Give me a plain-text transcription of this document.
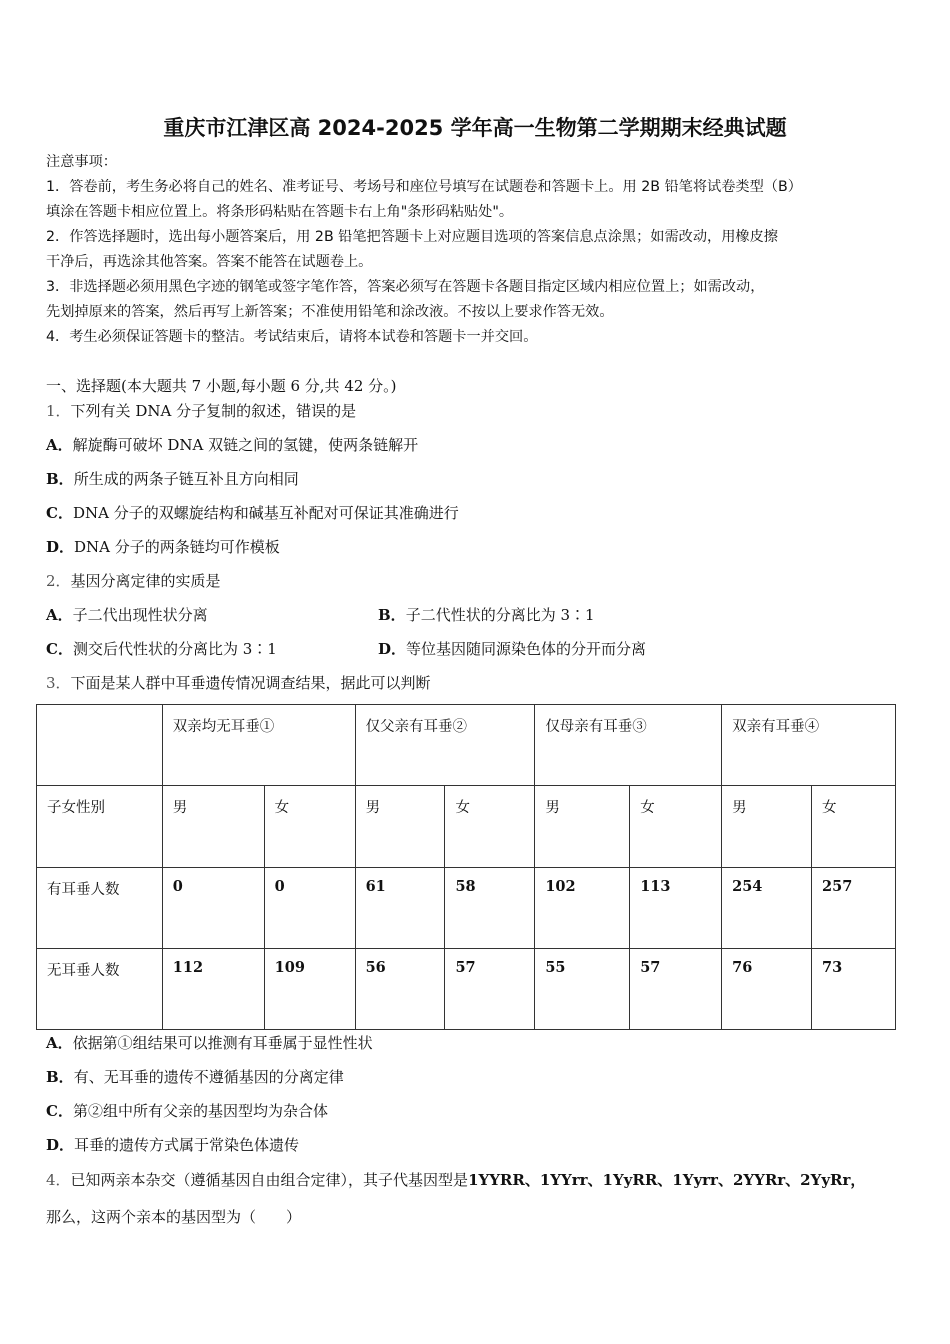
重庆市江津区高 2024-2025 学年高一生物第二学期期末经典试题
注意事项：
1．答卷前，考生务必将自己的姓名、准考证号、考场号和座位号填写在试题卷和答题卡上。用 2B 铅笔将试卷类型（B）
填涂在答题卡相应位置上。将条形码粘贴在答题卡右上角"条形码粘贴处"。
2．作答选择题时，选出每小题答案后，用 2B 铅笔把答题卡上对应题目选项的答案信息点涂黑；如需改动，用橡皮擦
干净后，再选涂其他答案。答案不能答在试题卷上。
3．非选择题必须用黑色字迹的钢笔或签字笔作答，答案必须写在答题卡各题目指定区域内相应位置上；如需改动，
先划掉原来的答案，然后再写上新答案；不准使用铅笔和涂改液。不按以上要求作答无效。
4．考生必须保证答题卡的整洁。考试结束后，请将本试卷和答题卡一并交回。
一、选择题(本大题共 7 小题,每小题 6 分,共 42 分。)
1．下列有关 DNA 分子复制的叙述，错误的是
A．解旋酶可破坏 DNA 双链之间的氢键，使两条链解开
B．所生成的两条子链互补且方向相同
C．DNA 分子的双螺旋结构和碱基互补配对可保证其准确进行
D．DNA 分子的两条链均可作模板
2．基因分离定律的实质是
A．子二代出现性状分离	B．子二代性状的分离比为 3∶1
C．测交后代性状的分离比为 3∶1	D．等位基因随同源染色体的分开而分离
3．下面是某人群中耳垂遗传情况调查结果，据此可以判断
	双亲均无耳垂①		仅父亲有耳垂②		仅母亲有耳垂③		双亲有耳垂④	
子女性别	男	女	男	女	男	女	男	女
有耳垂人数	0	0	61	58	102	113	254	257
无耳垂人数	112	109	56	57	55	57	76	73
A．依据第①组结果可以推测有耳垂属于显性性状
B．有、无耳垂的遗传不遵循基因的分离定律
C．第②组中所有父亲的基因型均为杂合体
D．耳垂的遗传方式属于常染色体遗传
4．已知两亲本杂交（遵循基因自由组合定律），其子代基因型是1YYRR、1YYrr、1YyRR、1Yyrr、2YYRr、2YyRr，
那么，这两个亲本的基因型为（　　）
